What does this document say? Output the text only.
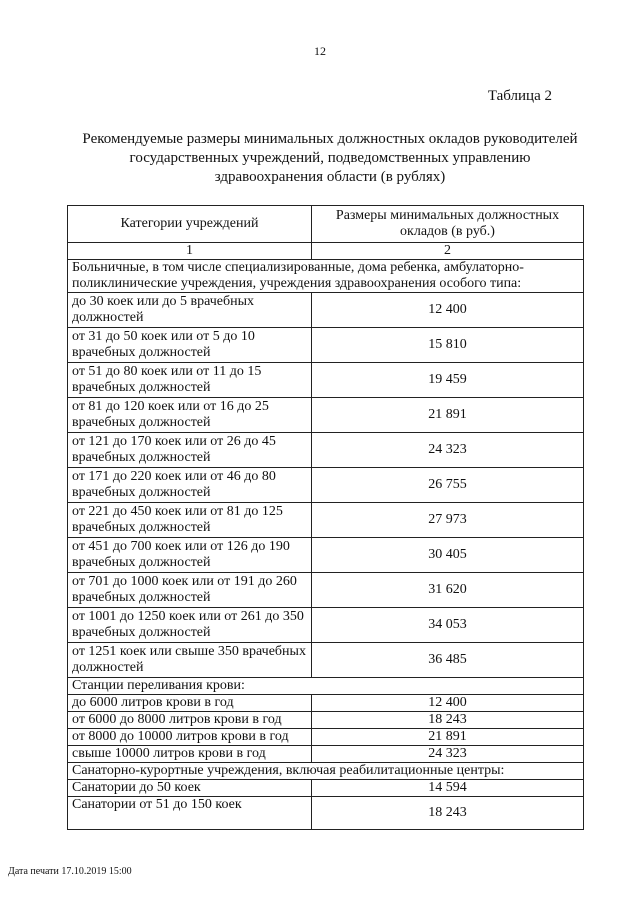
12
Таблица 2
Рекомендуемые размеры минимальных должностных окладов руководителей
государственных учреждений, подведомственных управлению
здравоохранения области (в рублях)
Категории учреждений	Размеры минимальных должностных окладов (в руб.)
1	2
Больничные, в том числе специализированные, дома ребенка, амбулаторно-поликлинические учреждения, учреждения здравоохранения особого типа:	
до 30 коек или до 5 врачебных должностей	12 400
от 31 до 50 коек или от 5 до 10 врачебных должностей	15 810
от 51 до 80 коек или от 11 до 15 врачебных должностей	19 459
от 81 до 120 коек или от 16 до 25 врачебных должностей	21 891
от 121 до 170 коек или от 26 до 45 врачебных должностей	24 323
от 171 до 220 коек или от 46 до 80 врачебных должностей	26 755
от 221 до 450 коек или от 81 до 125 врачебных должностей	27 973
от 451 до 700 коек или от 126 до 190 врачебных должностей	30 405
от 701 до 1000 коек или от 191 до 260 врачебных должностей	31 620
от 1001 до 1250 коек или от 261 до 350 врачебных должностей	34 053
от 1251 коек или свыше 350 врачебных должностей	36 485
Станции переливания крови:	
до 6000 литров крови в год	12 400
от 6000 до 8000 литров крови в год	18 243
от 8000 до 10000 литров крови в год	21 891
свыше 10000 литров крови в год	24 323
Санаторно-курортные учреждения, включая реабилитационные центры:	
Санатории до 50 коек	14 594
Санатории от 51 до 150 коек	18 243
Дата печати 17.10.2019 15:00
